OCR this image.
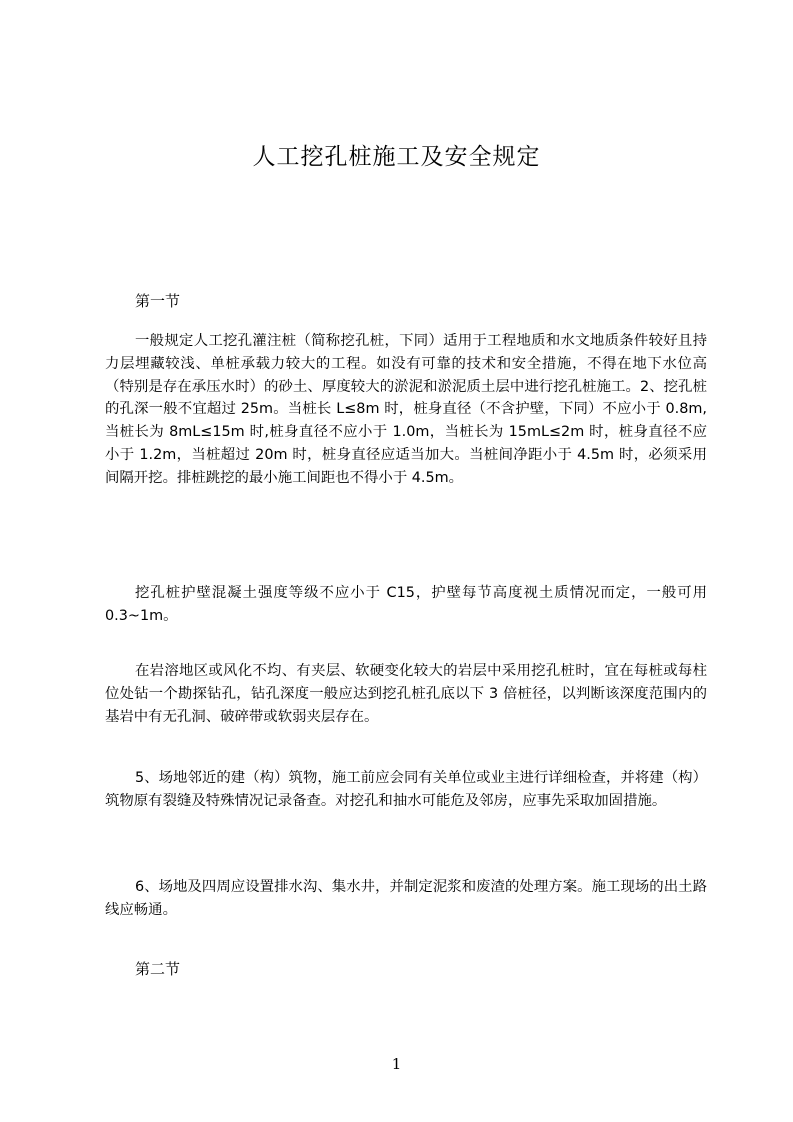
人工挖孔桩施工及安全规定
第一节

一般规定人工挖孔灌注桩（简称挖孔桩，下同）适用于工程地质和水文地质条件较好且持力层埋藏较浅、单桩承载力较大的工程。如没有可靠的技术和安全措施，不得在地下水位高（特别是存在承压水时）的砂土、厚度较大的淤泥和淤泥质土层中进行挖孔桩施工。2、挖孔桩的孔深一般不宜超过 25m。当桩长 L≤8m 时，桩身直径（不含护壁，下同）不应小于 0.8m,当桩长为 8mL≤15m 时,桩身直径不应小于 1.0m，当桩长为 15mL≤2m 时，桩身直径不应小于 1.2m，当桩超过 20m 时，桩身直径应适当加大。当桩间净距小于 4.5m 时，必须采用间隔开挖。排桩跳挖的最小施工间距也不得小于 4.5m。

挖孔桩护壁混凝土强度等级不应小于 C15，护壁每节高度视土质情况而定，一般可用 0.3~1m。

在岩溶地区或风化不均、有夹层、软硬变化较大的岩层中采用挖孔桩时，宜在每桩或每柱位处钻一个勘探钻孔，钻孔深度一般应达到挖孔桩孔底以下 3 倍桩径，以判断该深度范围内的基岩中有无孔洞、破碎带或软弱夹层存在。

5、场地邻近的建（构）筑物，施工前应会同有关单位或业主进行详细检查，并将建（构）筑物原有裂缝及特殊情况记录备查。对挖孔和抽水可能危及邻房，应事先采取加固措施。

6、场地及四周应设置排水沟、集水井，并制定泥浆和废渣的处理方案。施工现场的出土路线应畅通。

第二节
1
